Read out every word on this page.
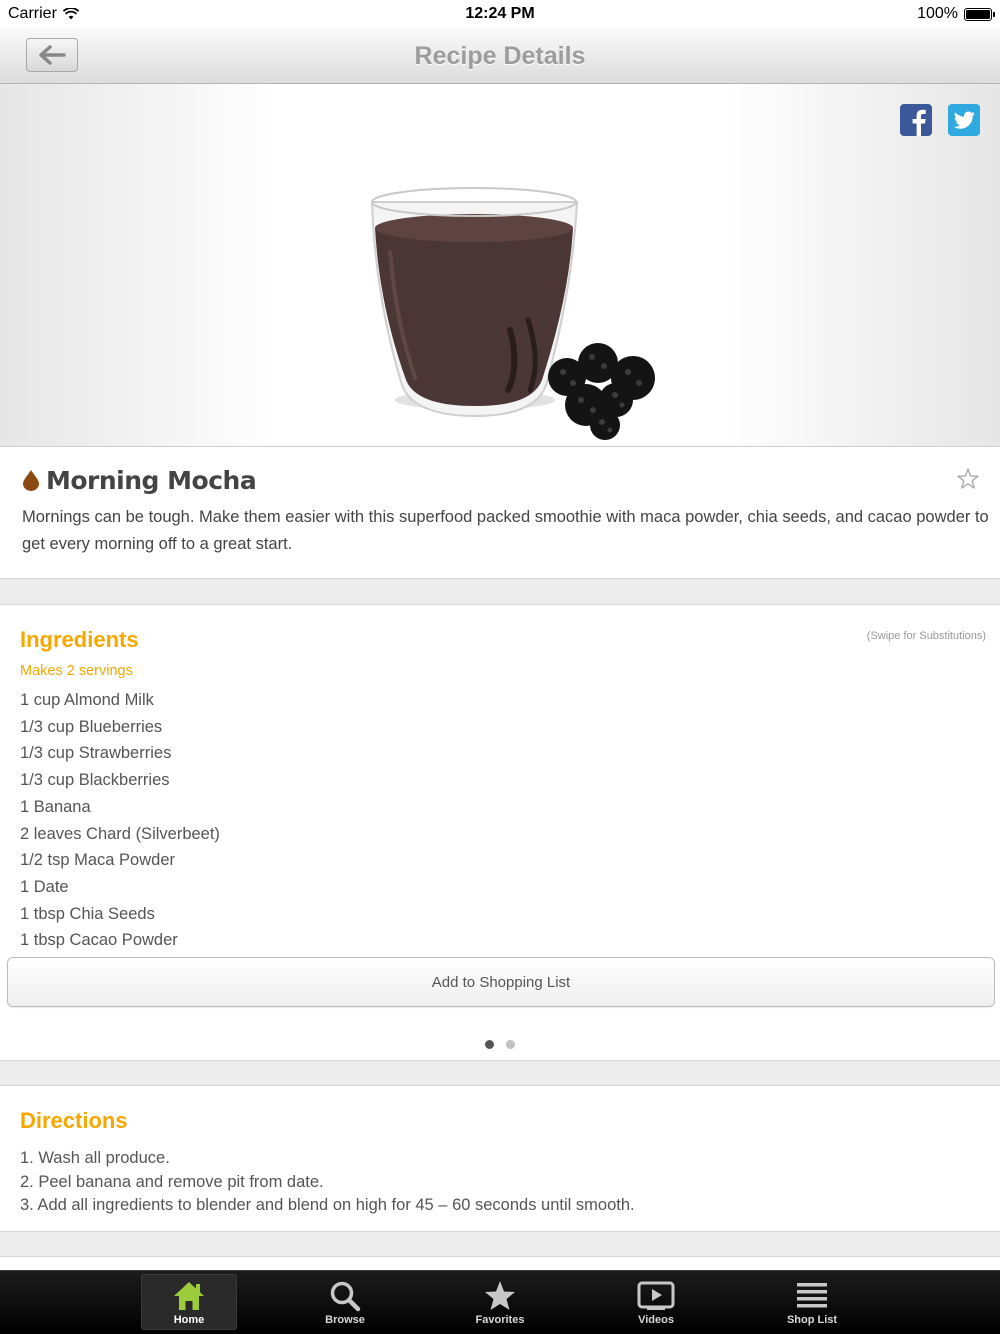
Carrier	12:24 PM	100%
Recipe Details
Morning Mocha
Mornings can be tough. Make them easier with this superfood packed smoothie with maca powder, chia seeds, and cacao powder to get every morning off to a great start.
Ingredients	(Swipe for Substitutions)
Makes 2 servings
1 cup Almond Milk
1/3 cup Blueberries
1/3 cup Strawberries
1/3 cup Blackberries
1 Banana
2 leaves Chard (Silverbeet)
1/2 tsp Maca Powder
1 Date
1 tbsp Chia Seeds
1 tbsp Cacao Powder
Add to Shopping List
Directions
1. Wash all produce.
2. Peel banana and remove pit from date.
3. Add all ingredients to blender and blend on high for 45 – 60 seconds until smooth.
Home	Browse	Favorites	Videos	Shop List
